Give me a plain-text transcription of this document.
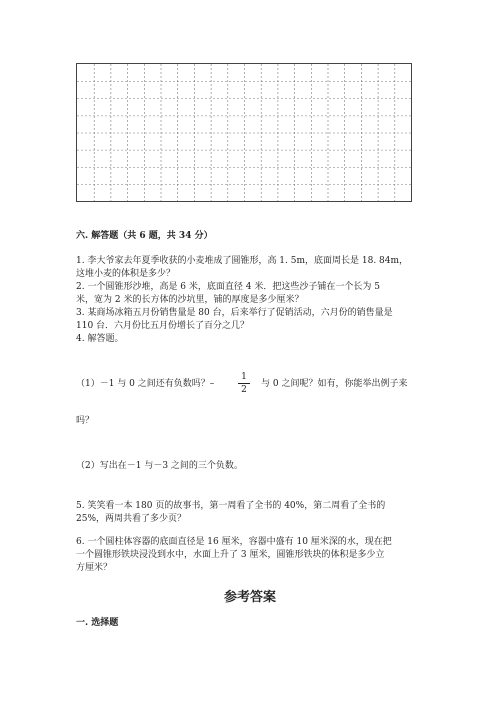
六. 解答题（共 6 题，共 34 分）
1. 李大爷家去年夏季收获的小麦堆成了圆锥形，高 1. 5m，底面周长是 18. 84m，
这堆小麦的体积是多少？
2. 一个圆锥形沙堆，高是 6 米，底面直径 4 米．把这些沙子铺在一个长为 5
米，宽为 2 米的长方体的沙坑里，铺的厚度是多少厘米？
3. 某商场冰箱五月份销售量是 80 台，后来举行了促销活动，六月份的销售量是
110 台．六月份比五月份增长了百分之几？
4. 解答题。
（1）－1 与 0 之间还有负数吗？–
1
2
与 0 之间呢？如有，你能举出例子来
吗？
（2）写出在－1 与－3 之间的三个负数。
5. 笑笑看一本 180 页的故事书，第一周看了全书的 40%，第二周看了全书的
25%，两周共看了多少页？
6. 一个圆柱体容器的底面直径是 16 厘米，容器中盛有 10 厘米深的水，现在把
一个圆锥形铁块浸没到水中，水面上升了 3 厘米，圆锥形铁块的体积是多少立
方厘米？
参考答案
一. 选择题
